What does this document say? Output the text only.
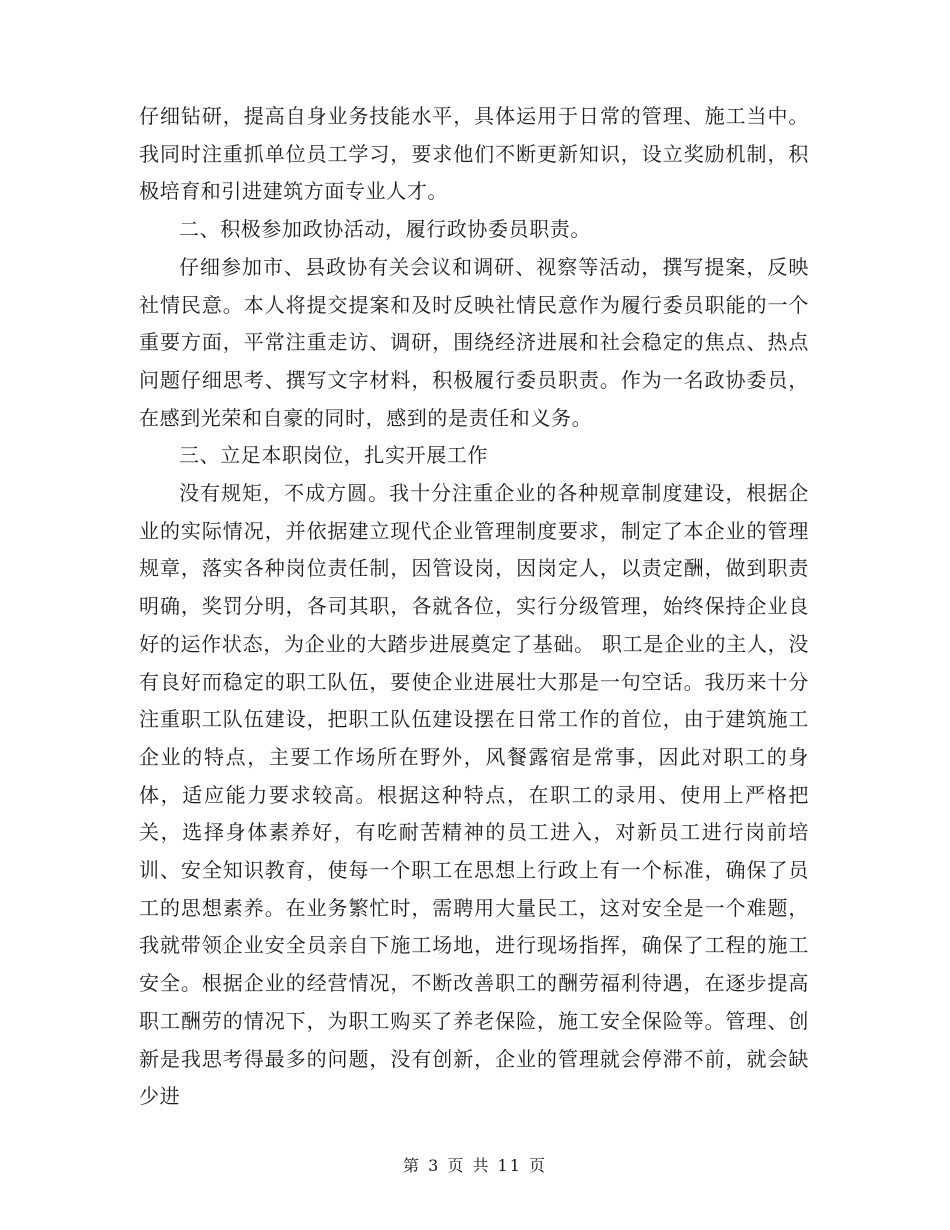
仔细钻研，提高自身业务技能水平，具体运用于日常的管理、施工当中。我同时注重抓单位员工学习，要求他们不断更新知识，设立奖励机制，积极培育和引进建筑方面专业人才。

二、积极参加政协活动，履行政协委员职责。

仔细参加市、县政协有关会议和调研、视察等活动，撰写提案，反映社情民意。本人将提交提案和及时反映社情民意作为履行委员职能的一个重要方面，平常注重走访、调研，围绕经济进展和社会稳定的焦点、热点问题仔细思考、撰写文字材料，积极履行委员职责。作为一名政协委员，在感到光荣和自豪的同时，感到的是责任和义务。

三、立足本职岗位，扎实开展工作

没有规矩，不成方圆。我十分注重企业的各种规章制度建设，根据企业的实际情况，并依据建立现代企业管理制度要求，制定了本企业的管理规章，落实各种岗位责任制，因管设岗，因岗定人，以责定酬，做到职责明确，奖罚分明，各司其职，各就各位，实行分级管理，始终保持企业良好的运作状态，为企业的大踏步进展奠定了基础。 职工是企业的主人，没有良好而稳定的职工队伍，要使企业进展壮大那是一句空话。我历来十分注重职工队伍建设，把职工队伍建设摆在日常工作的首位，由于建筑施工企业的特点，主要工作场所在野外，风餐露宿是常事，因此对职工的身体，适应能力要求较高。根据这种特点，在职工的录用、使用上严格把关，选择身体素养好，有吃耐苦精神的员工进入，对新员工进行岗前培训、安全知识教育，使每一个职工在思想上行政上有一个标准，确保了员工的思想素养。在业务繁忙时，需聘用大量民工，这对安全是一个难题，我就带领企业安全员亲自下施工场地，进行现场指挥，确保了工程的施工安全。根据企业的经营情况，不断改善职工的酬劳福利待遇，在逐步提高职工酬劳的情况下，为职工购买了养老保险，施工安全保险等。管理、创新是我思考得最多的问题，没有创新，企业的管理就会停滞不前，就会缺少进

第 3 页 共 11 页
